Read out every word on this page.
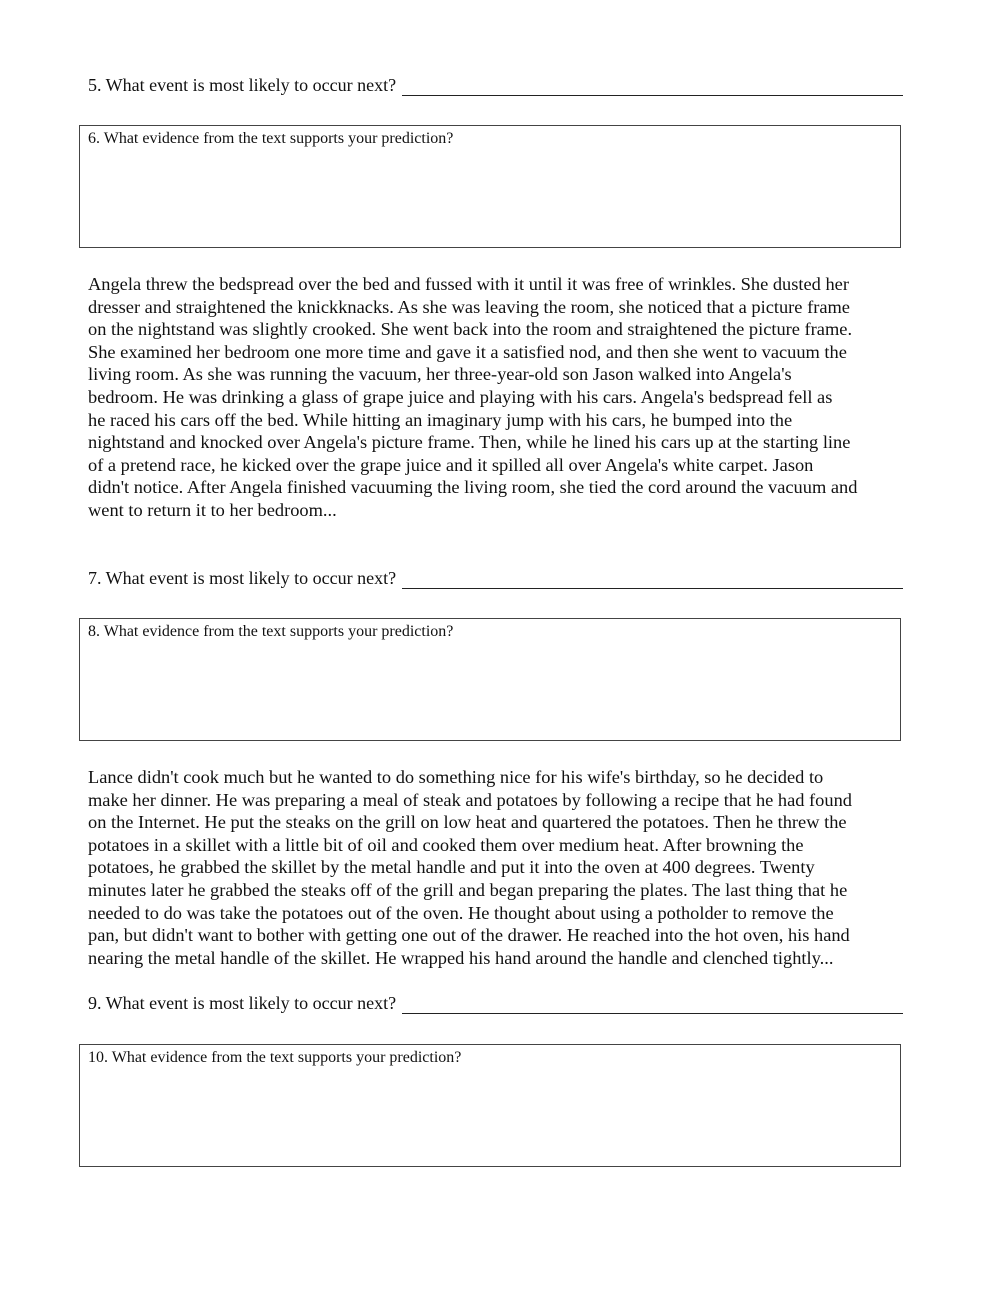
5. What event is most likely to occur next?
6. What evidence from the text supports your prediction?

Angela threw the bedspread over the bed and fussed with it until it was free of wrinkles. She dusted her
dresser and straightened the knickknacks. As she was leaving the room, she noticed that a picture frame
on the nightstand was slightly crooked. She went back into the room and straightened the picture frame.
She examined her bedroom one more time and gave it a satisfied nod, and then she went to vacuum the
living room. As she was running the vacuum, her three-year-old son Jason walked into Angela's
bedroom. He was drinking a glass of grape juice and playing with his cars. Angela's bedspread fell as
he raced his cars off the bed. While hitting an imaginary jump with his cars, he bumped into the
nightstand and knocked over Angela's picture frame. Then, while he lined his cars up at the starting line
of a pretend race, he kicked over the grape juice and it spilled all over Angela's white carpet. Jason
didn't notice. After Angela finished vacuuming the living room, she tied the cord around the vacuum and
went to return it to her bedroom...

7. What event is most likely to occur next?
8. What evidence from the text supports your prediction?

Lance didn't cook much but he wanted to do something nice for his wife's birthday, so he decided to
make her dinner. He was preparing a meal of steak and potatoes by following a recipe that he had found
on the Internet. He put the steaks on the grill on low heat and quartered the potatoes. Then he threw the
potatoes in a skillet with a little bit of oil and cooked them over medium heat. After browning the
potatoes, he grabbed the skillet by the metal handle and put it into the oven at 400 degrees. Twenty
minutes later he grabbed the steaks off of the grill and began preparing the plates. The last thing that he
needed to do was take the potatoes out of the oven. He thought about using a potholder to remove the
pan, but didn't want to bother with getting one out of the drawer. He reached into the hot oven, his hand
nearing the metal handle of the skillet. He wrapped his hand around the handle and clenched tightly...

9. What event is most likely to occur next?
10. What evidence from the text supports your prediction?
